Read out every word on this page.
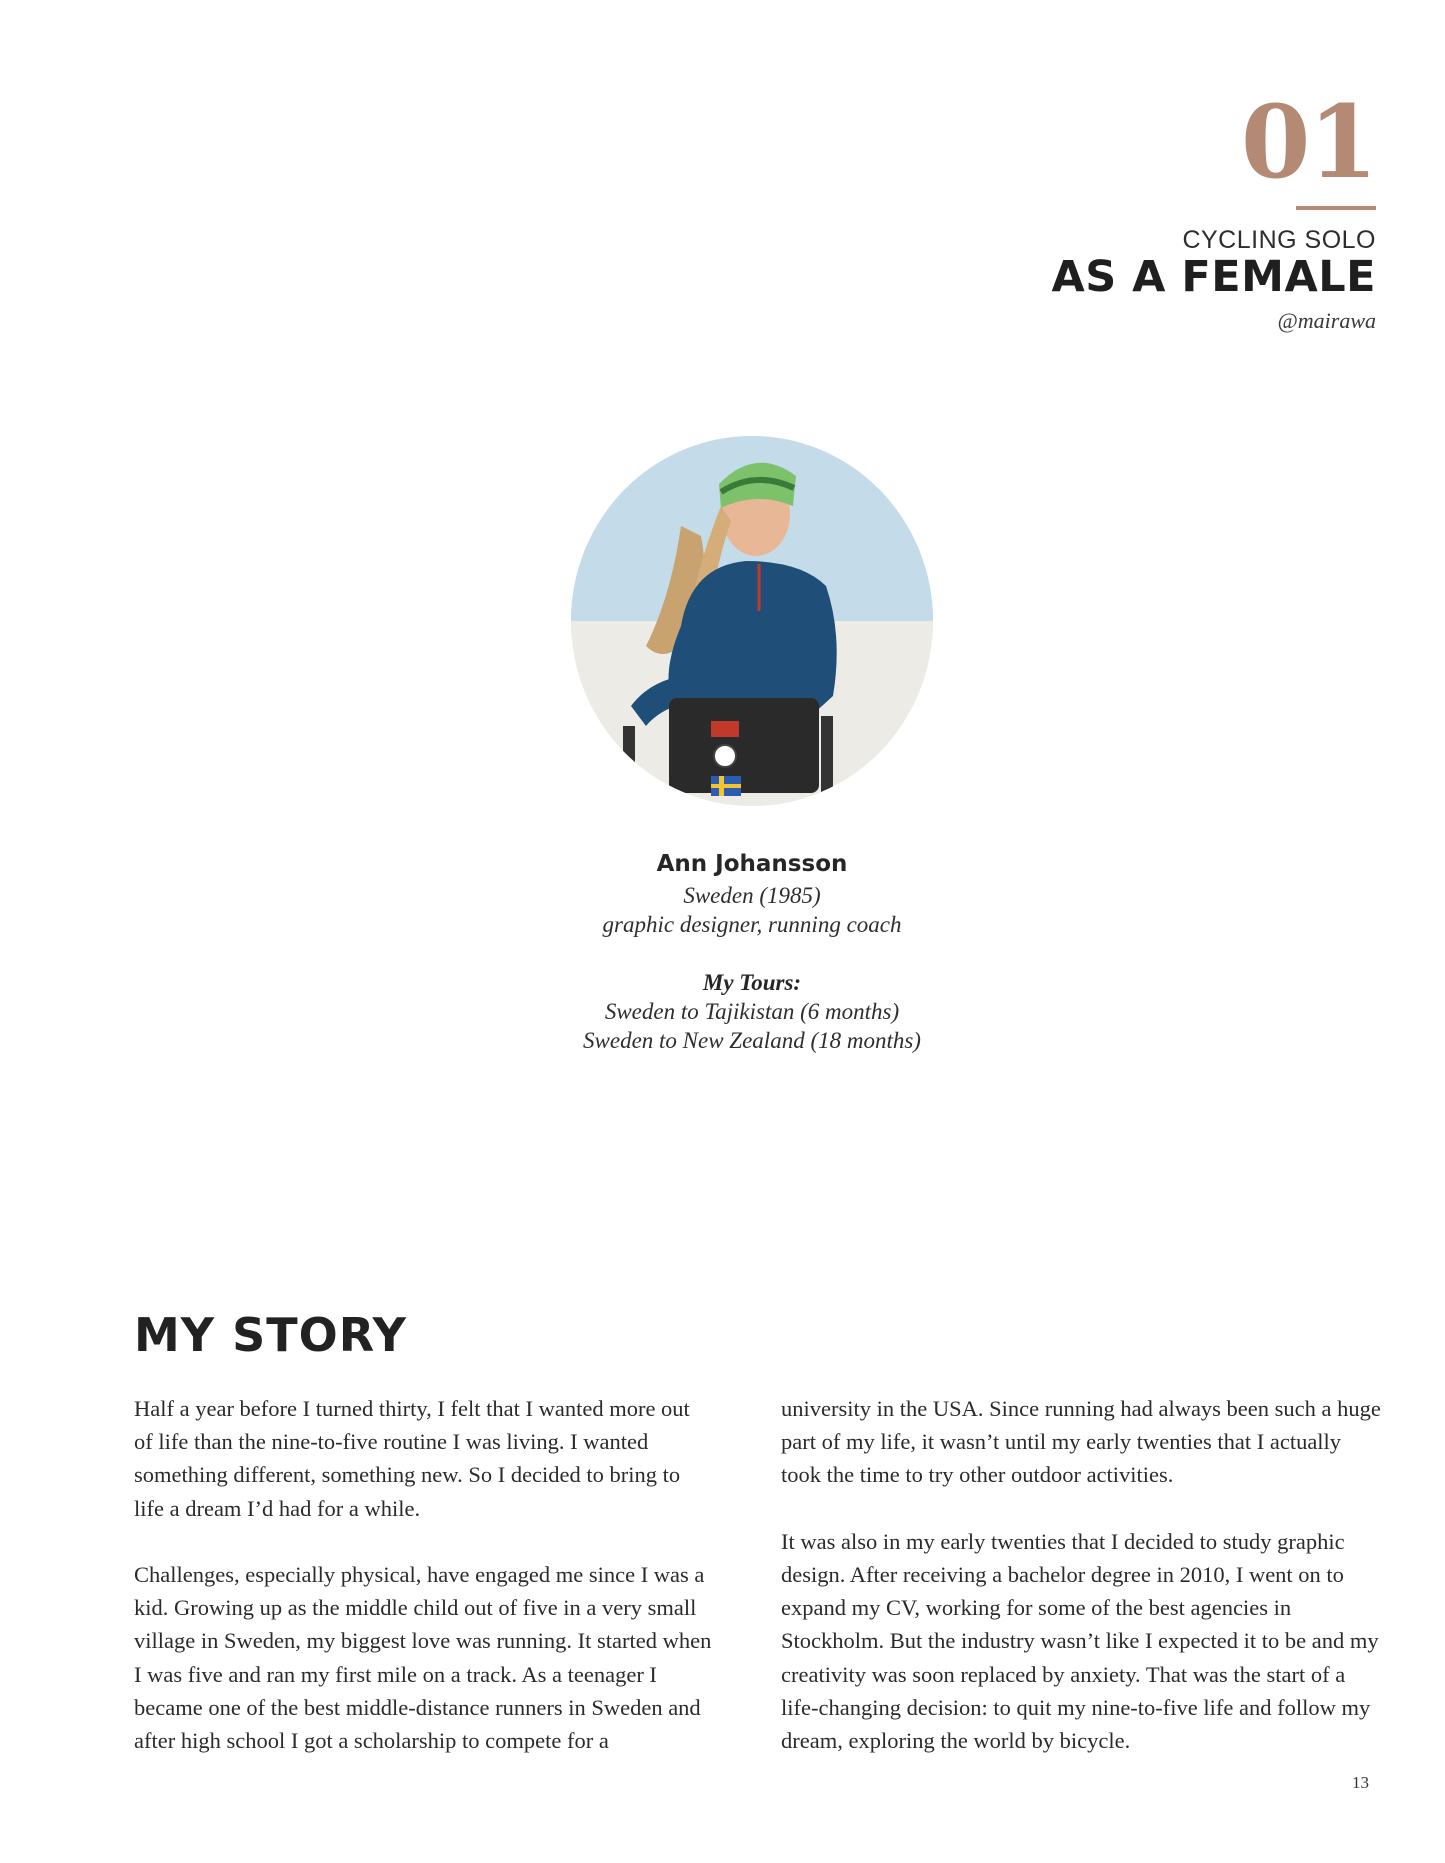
01
CYCLING SOLO
AS A FEMALE
@mairawa
Ann Johansson
Sweden (1985)
graphic designer, running coach
My Tours:
Sweden to Tajikistan (6 months)
Sweden to New Zealand (18 months)
MY STORY

Half a year before I turned thirty, I felt that I wanted more out of life than the nine-to-five routine I was living. I wanted something different, something new. So I decided to bring to life a dream I’d had for a while.

Challenges, especially physical, have engaged me since I was a kid. Growing up as the middle child out of five in a very small village in Sweden, my biggest love was running. It started when I was five and ran my first mile on a track. As a teenager I became one of the best middle-distance runners in Sweden and after high school I got a scholarship to compete for a

university in the USA. Since running had always been such a huge part of my life, it wasn’t until my early twenties that I actually took the time to try other outdoor activities.

It was also in my early twenties that I decided to study graphic design. After receiving a bachelor degree in 2010, I went on to expand my CV, working for some of the best agencies in Stockholm. But the industry wasn’t like I expected it to be and my creativity was soon replaced by anxiety. That was the start of a life-changing decision: to quit my nine-to-five life and follow my dream, exploring the world by bicycle.

13
